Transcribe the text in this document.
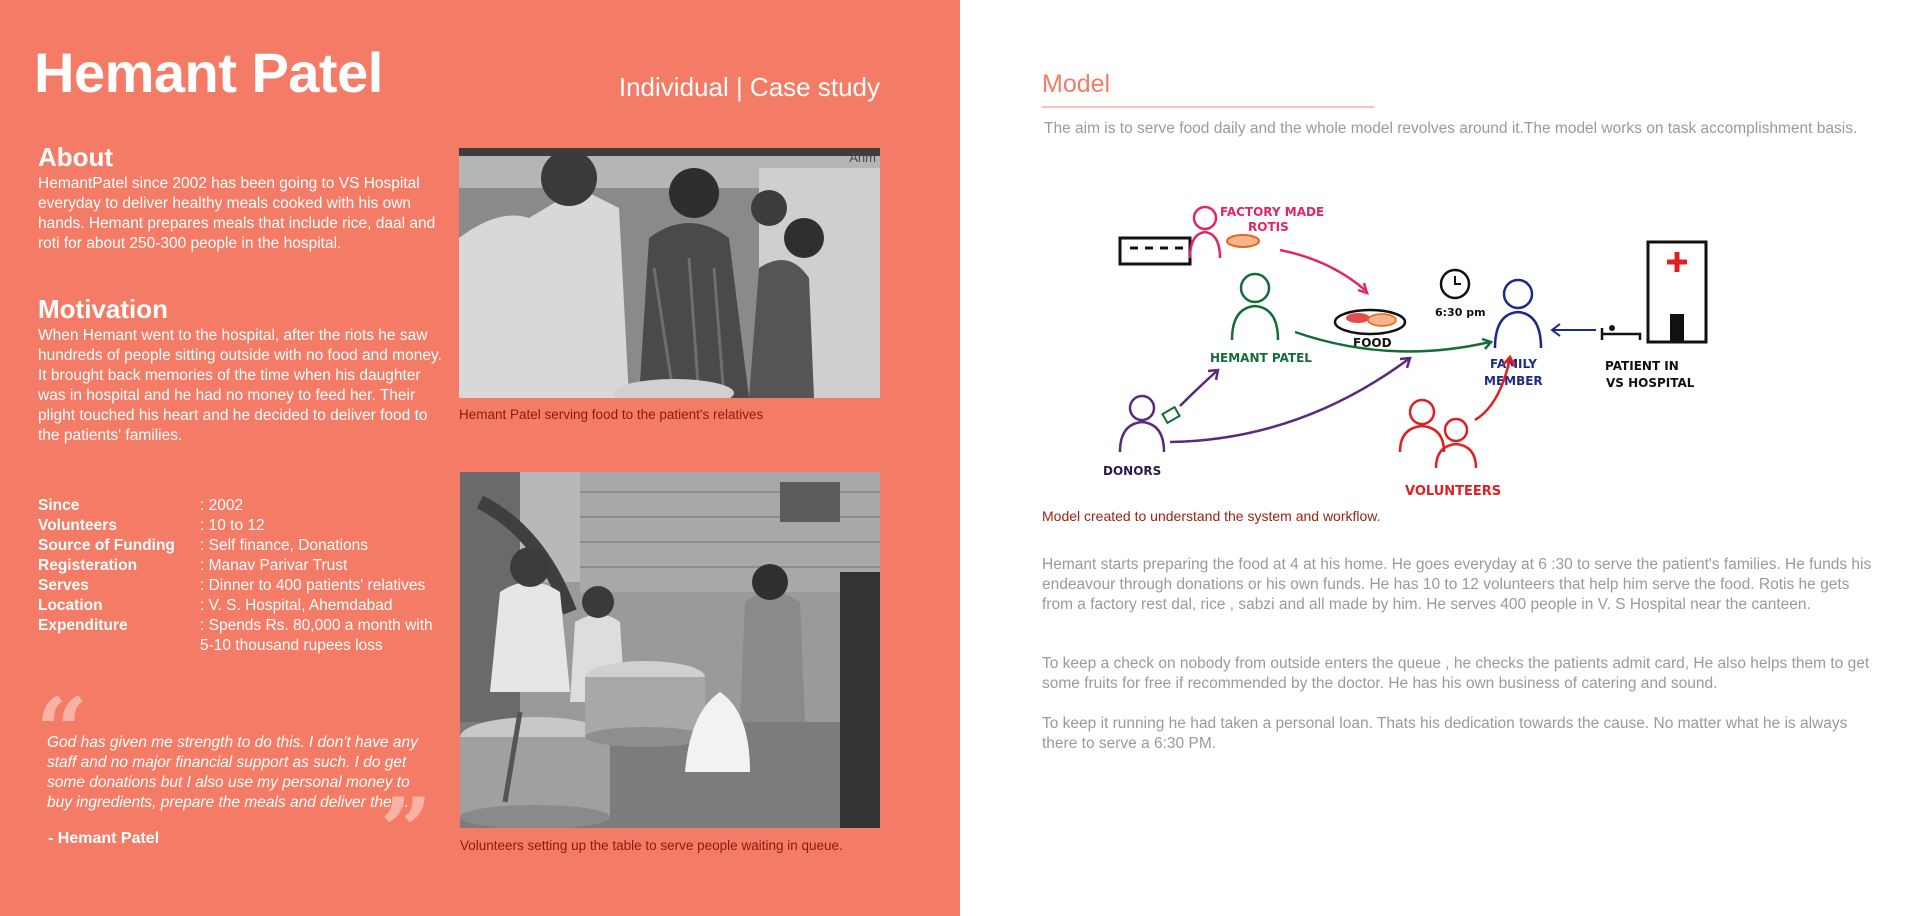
Hemant Patel	Individual | Case study
About

HemantPatel since 2002 has been going to VS Hospital everyday to deliver healthy meals cooked with his own hands. Hemant prepares meals that include rice, daal and roti for about 250-300 people in the hospital.

Motivation

When Hemant went to the hospital, after the riots he saw hundreds of people sitting outside with no food and money. It brought back memories of the time when his daughter was in hospital and he had no money to feed her. Their plight touched his heart and he decided to deliver food to the patients' families.

Since	: 2002
Volunteers	: 10 to 12
Source of Funding	: Self finance, Donations
Registeration	: Manav Parivar Trust
Serves	: Dinner to 400 patients' relatives
Location	: V. S. Hospital, Ahemdabad
Expenditure	: Spends Rs. 80,000 a month with 5-10 thousand rupees loss
“

God has given me strength to do this. I don't have any staff and no major financial support as such. I do get some donations but I also use my personal money to buy ingredients, prepare the meals and deliver them.

”
- Hemant Patel
Ahm
Hemant Patel serving food to the patient's relatives
Volunteers setting up the table to serve people waiting in queue.
Model

The aim is to serve food daily and the whole model revolves around it.The model works on task accomplishment basis.

FACTORY MADE
ROTIS
HEMANT PATEL
FOOD
6:30 pm
FAMILY
MEMBER
PATIENT IN
VS HOSPITAL
DONORS
VOLUNTEERS
Model created to understand the system and workflow.

Hemant starts preparing the food at 4 at his home. He goes everyday at 6 :30 to serve the patient's families. He funds his endeavour through donations or his own funds. He has 10 to 12 volunteers that help him serve the food. Rotis he gets from a factory rest dal, rice , sabzi and all made by him. He serves 400 people in V. S Hospital near the canteen.

To keep a check on nobody from outside enters the queue , he checks the patients admit card, He also helps them to get some fruits for free if recommended by the doctor. He has his own business of catering and sound.

To keep it running he had taken a personal loan. Thats his dedication towards the cause. No matter what he is always there to serve a 6:30 PM.
